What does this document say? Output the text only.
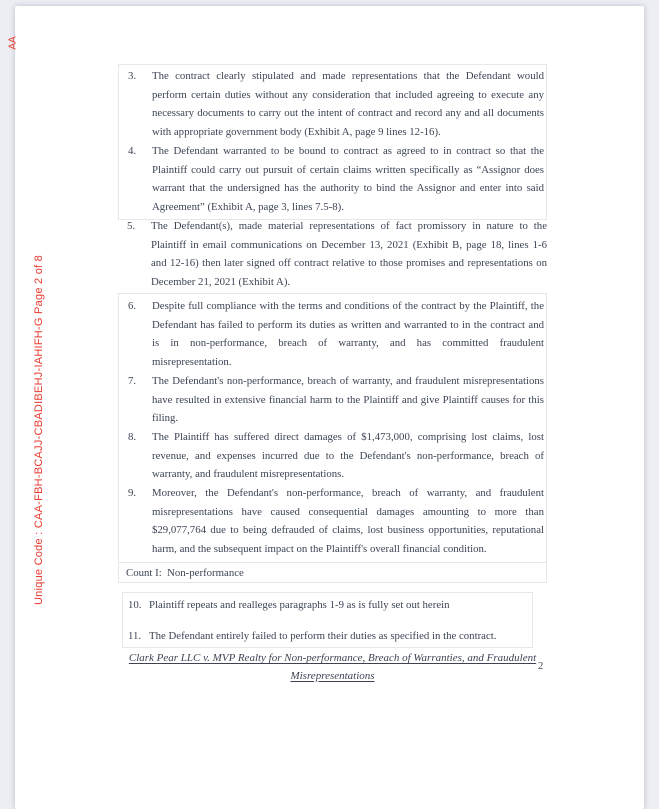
AA
Unique Code : CAA-FBH-BCAJJ-CBADIBEHJ-IAHIFH-G Page 2 of 8
3. The contract clearly stipulated and made representations that the Defendant would perform certain duties without any consideration that included agreeing to execute any necessary documents to carry out the intent of contract and record any and all documents with appropriate government body (Exhibit A, page 9 lines 12-16).
4. The Defendant warranted to be bound to contract as agreed to in contract so that the Plaintiff could carry out pursuit of certain claims written specifically as “Assignor does warrant that the undersigned has the authority to bind the Assignor and enter into said Agreement” (Exhibit A, page 3, lines 7.5-8).
5. The Defendant(s), made material representations of fact promissory in nature to the Plaintiff in email communications on December 13, 2021 (Exhibit B, page 18, lines 1-6 and 12-16) then later signed off contract relative to those promises and representations on December 21, 2021 (Exhibit A).
6. Despite full compliance with the terms and conditions of the contract by the Plaintiff, the Defendant has failed to perform its duties as written and warranted to in the contract and is in non-performance, breach of warranty, and has committed fraudulent misrepresentation.
7. The Defendant's non-performance, breach of warranty, and fraudulent misrepresentations have resulted in extensive financial harm to the Plaintiff and give Plaintiff causes for this filing.
8. The Plaintiff has suffered direct damages of $1,473,000, comprising lost claims, lost revenue, and expenses incurred due to the Defendant's non-performance, breach of warranty, and fraudulent misrepresentations.
9. Moreover, the Defendant's non-performance, breach of warranty, and fraudulent misrepresentations have caused consequential damages amounting to more than $29,077,764 due to being defrauded of claims, lost business opportunities, reputational harm, and the subsequent impact on the Plaintiff's overall financial condition.
Count I:  Non-performance
10. Plaintiff repeats and realleges paragraphs 1-9 as is fully set out herein
11. The Defendant entirely failed to perform their duties as specified in the contract.
Clark Pear LLC v. MVP Realty for Non-performance, Breach of Warranties, and Fraudulent
Misrepresentations
2
